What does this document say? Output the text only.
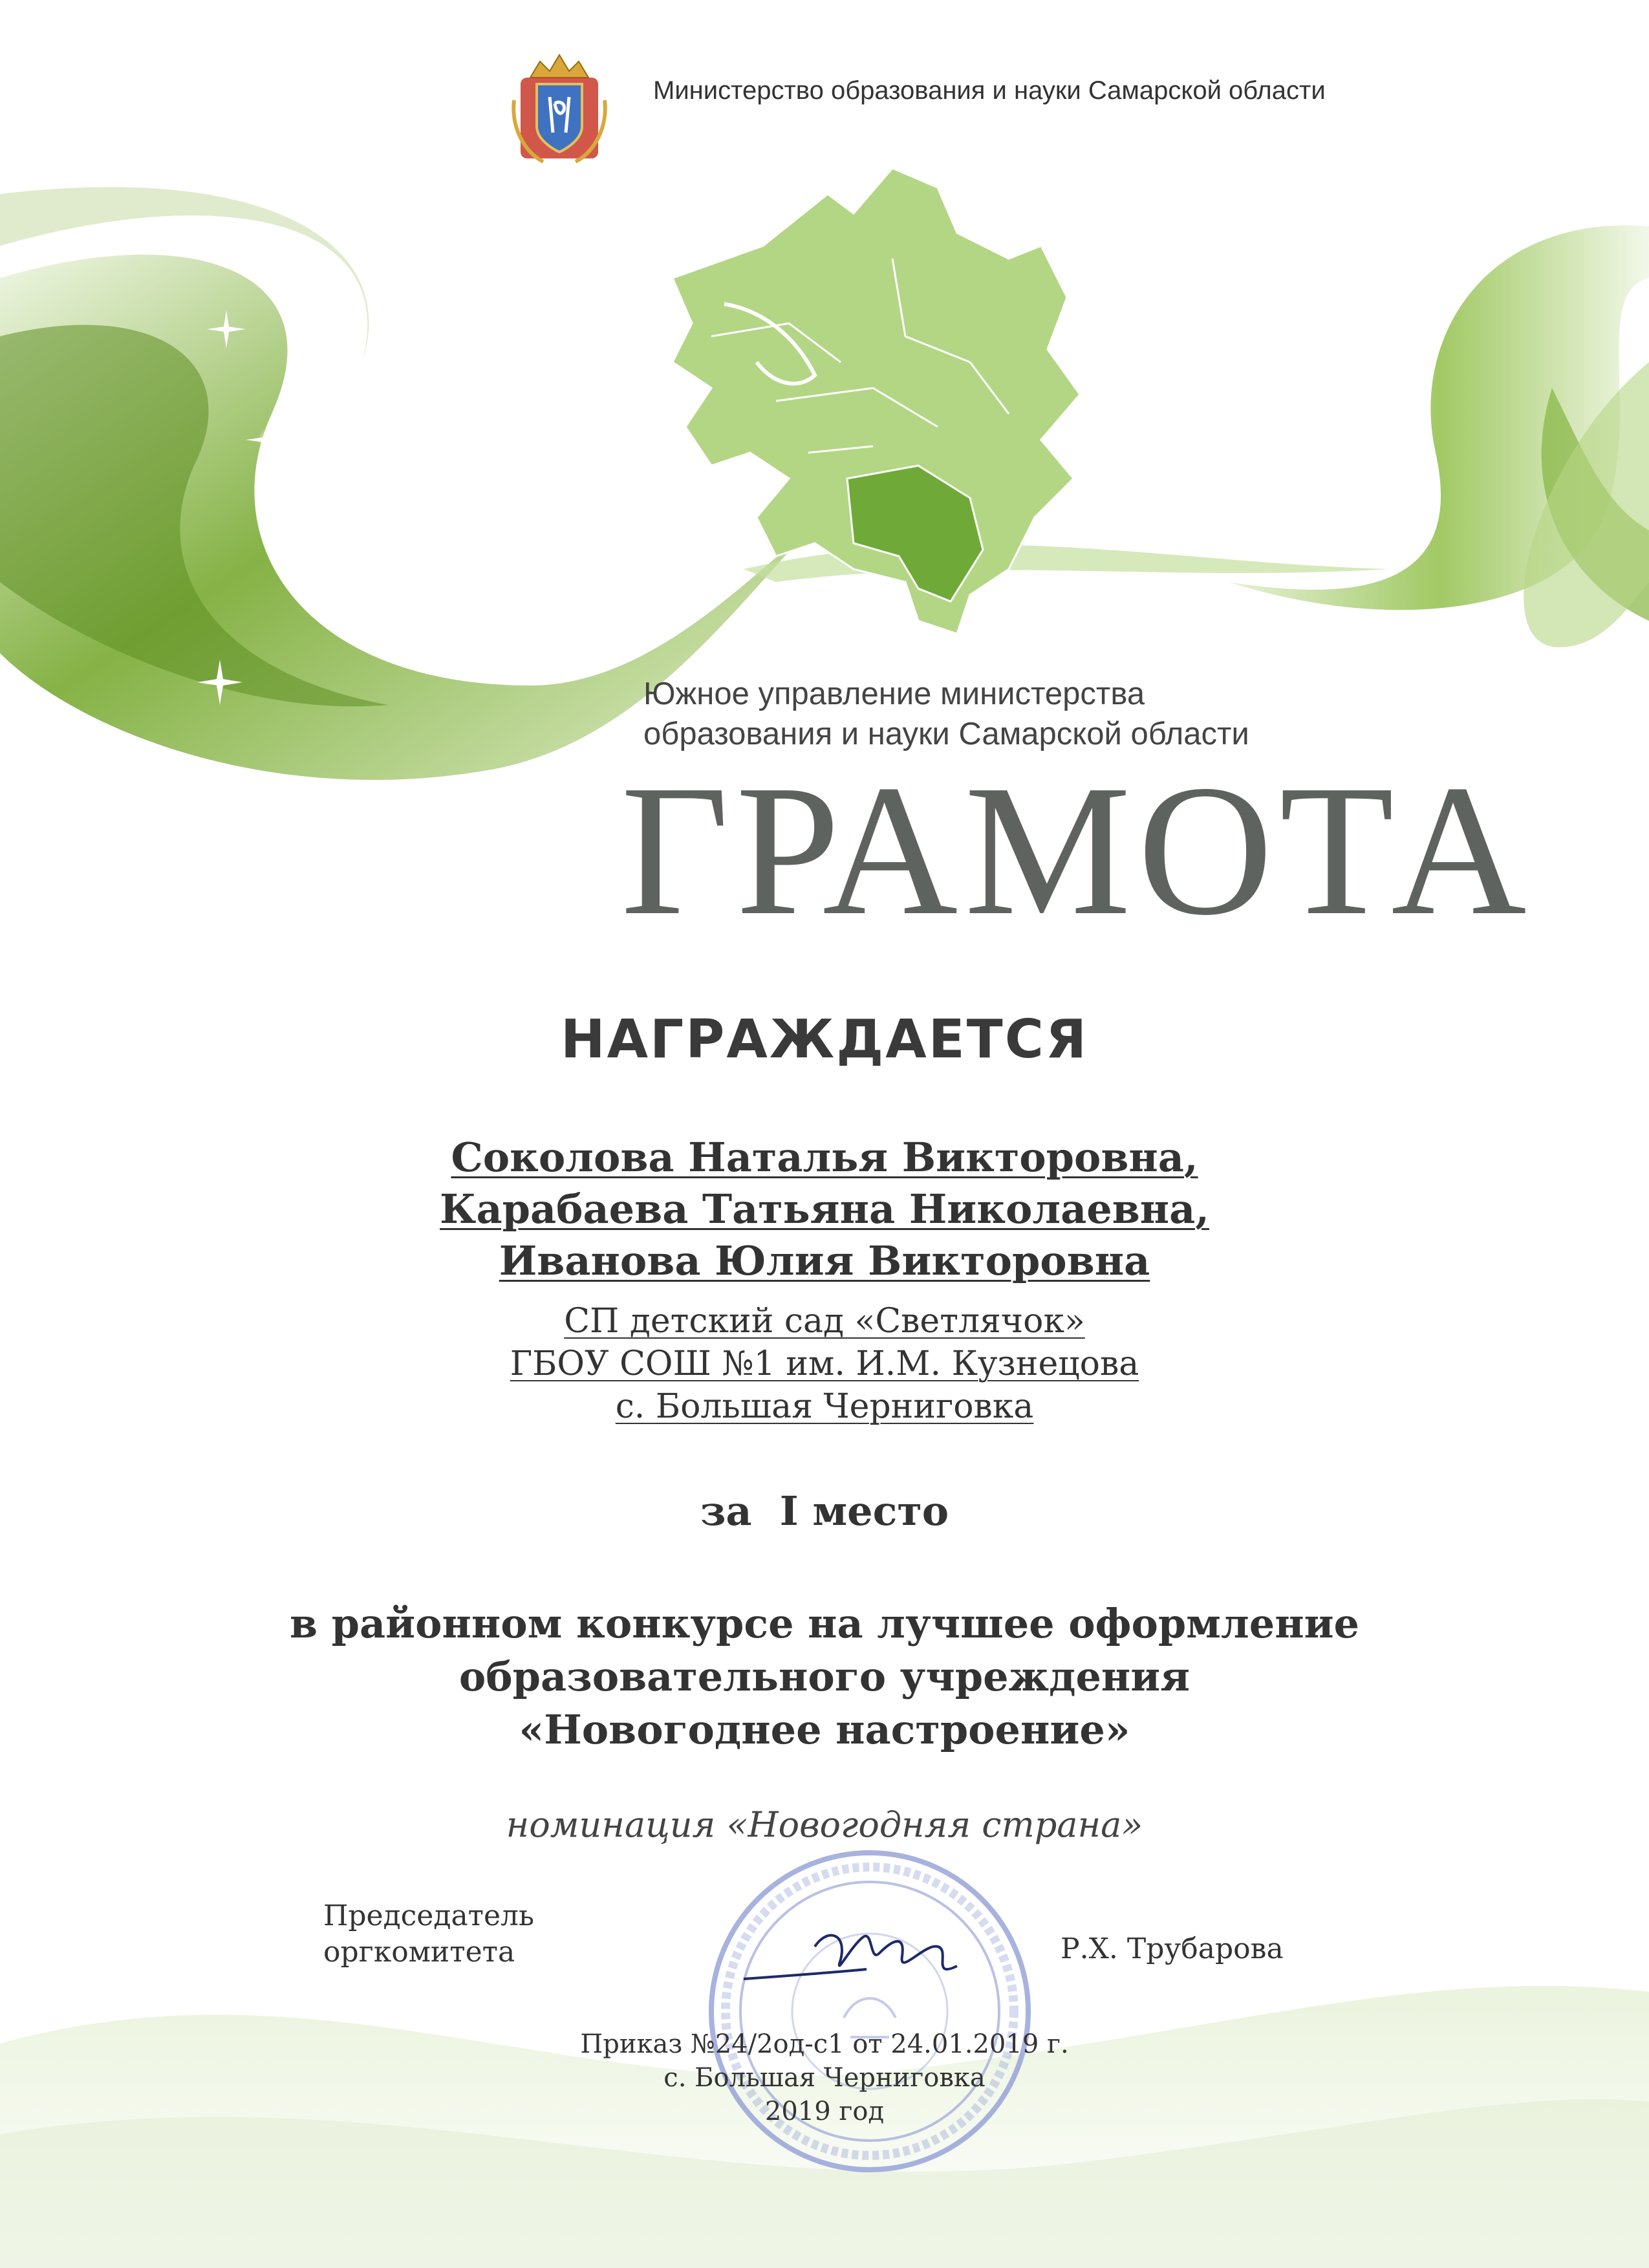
Министерство образования и науки Самарской области
Южное управление министерства
образования и науки Самарской области
ГРАМОТА
НАГРАЖДАЕТСЯ
Соколова Наталья Викторовна,
Карабаева Татьяна Николаевна,
Иванова Юлия Викторовна
СП детский сад «Светлячок»
ГБОУ СОШ №1 им. И.М. Кузнецова
с. Большая Черниговка
за  I место
в районном конкурсе на лучшее оформление
образовательного учреждения
«Новогоднее настроение»
номинация «Новогодняя страна»
Председатель
оргкомитета	Р.Х. Трубарова
Приказ №24/2од-с1 от 24.01.2019 г.
с. Большая Черниговка
2019 год
